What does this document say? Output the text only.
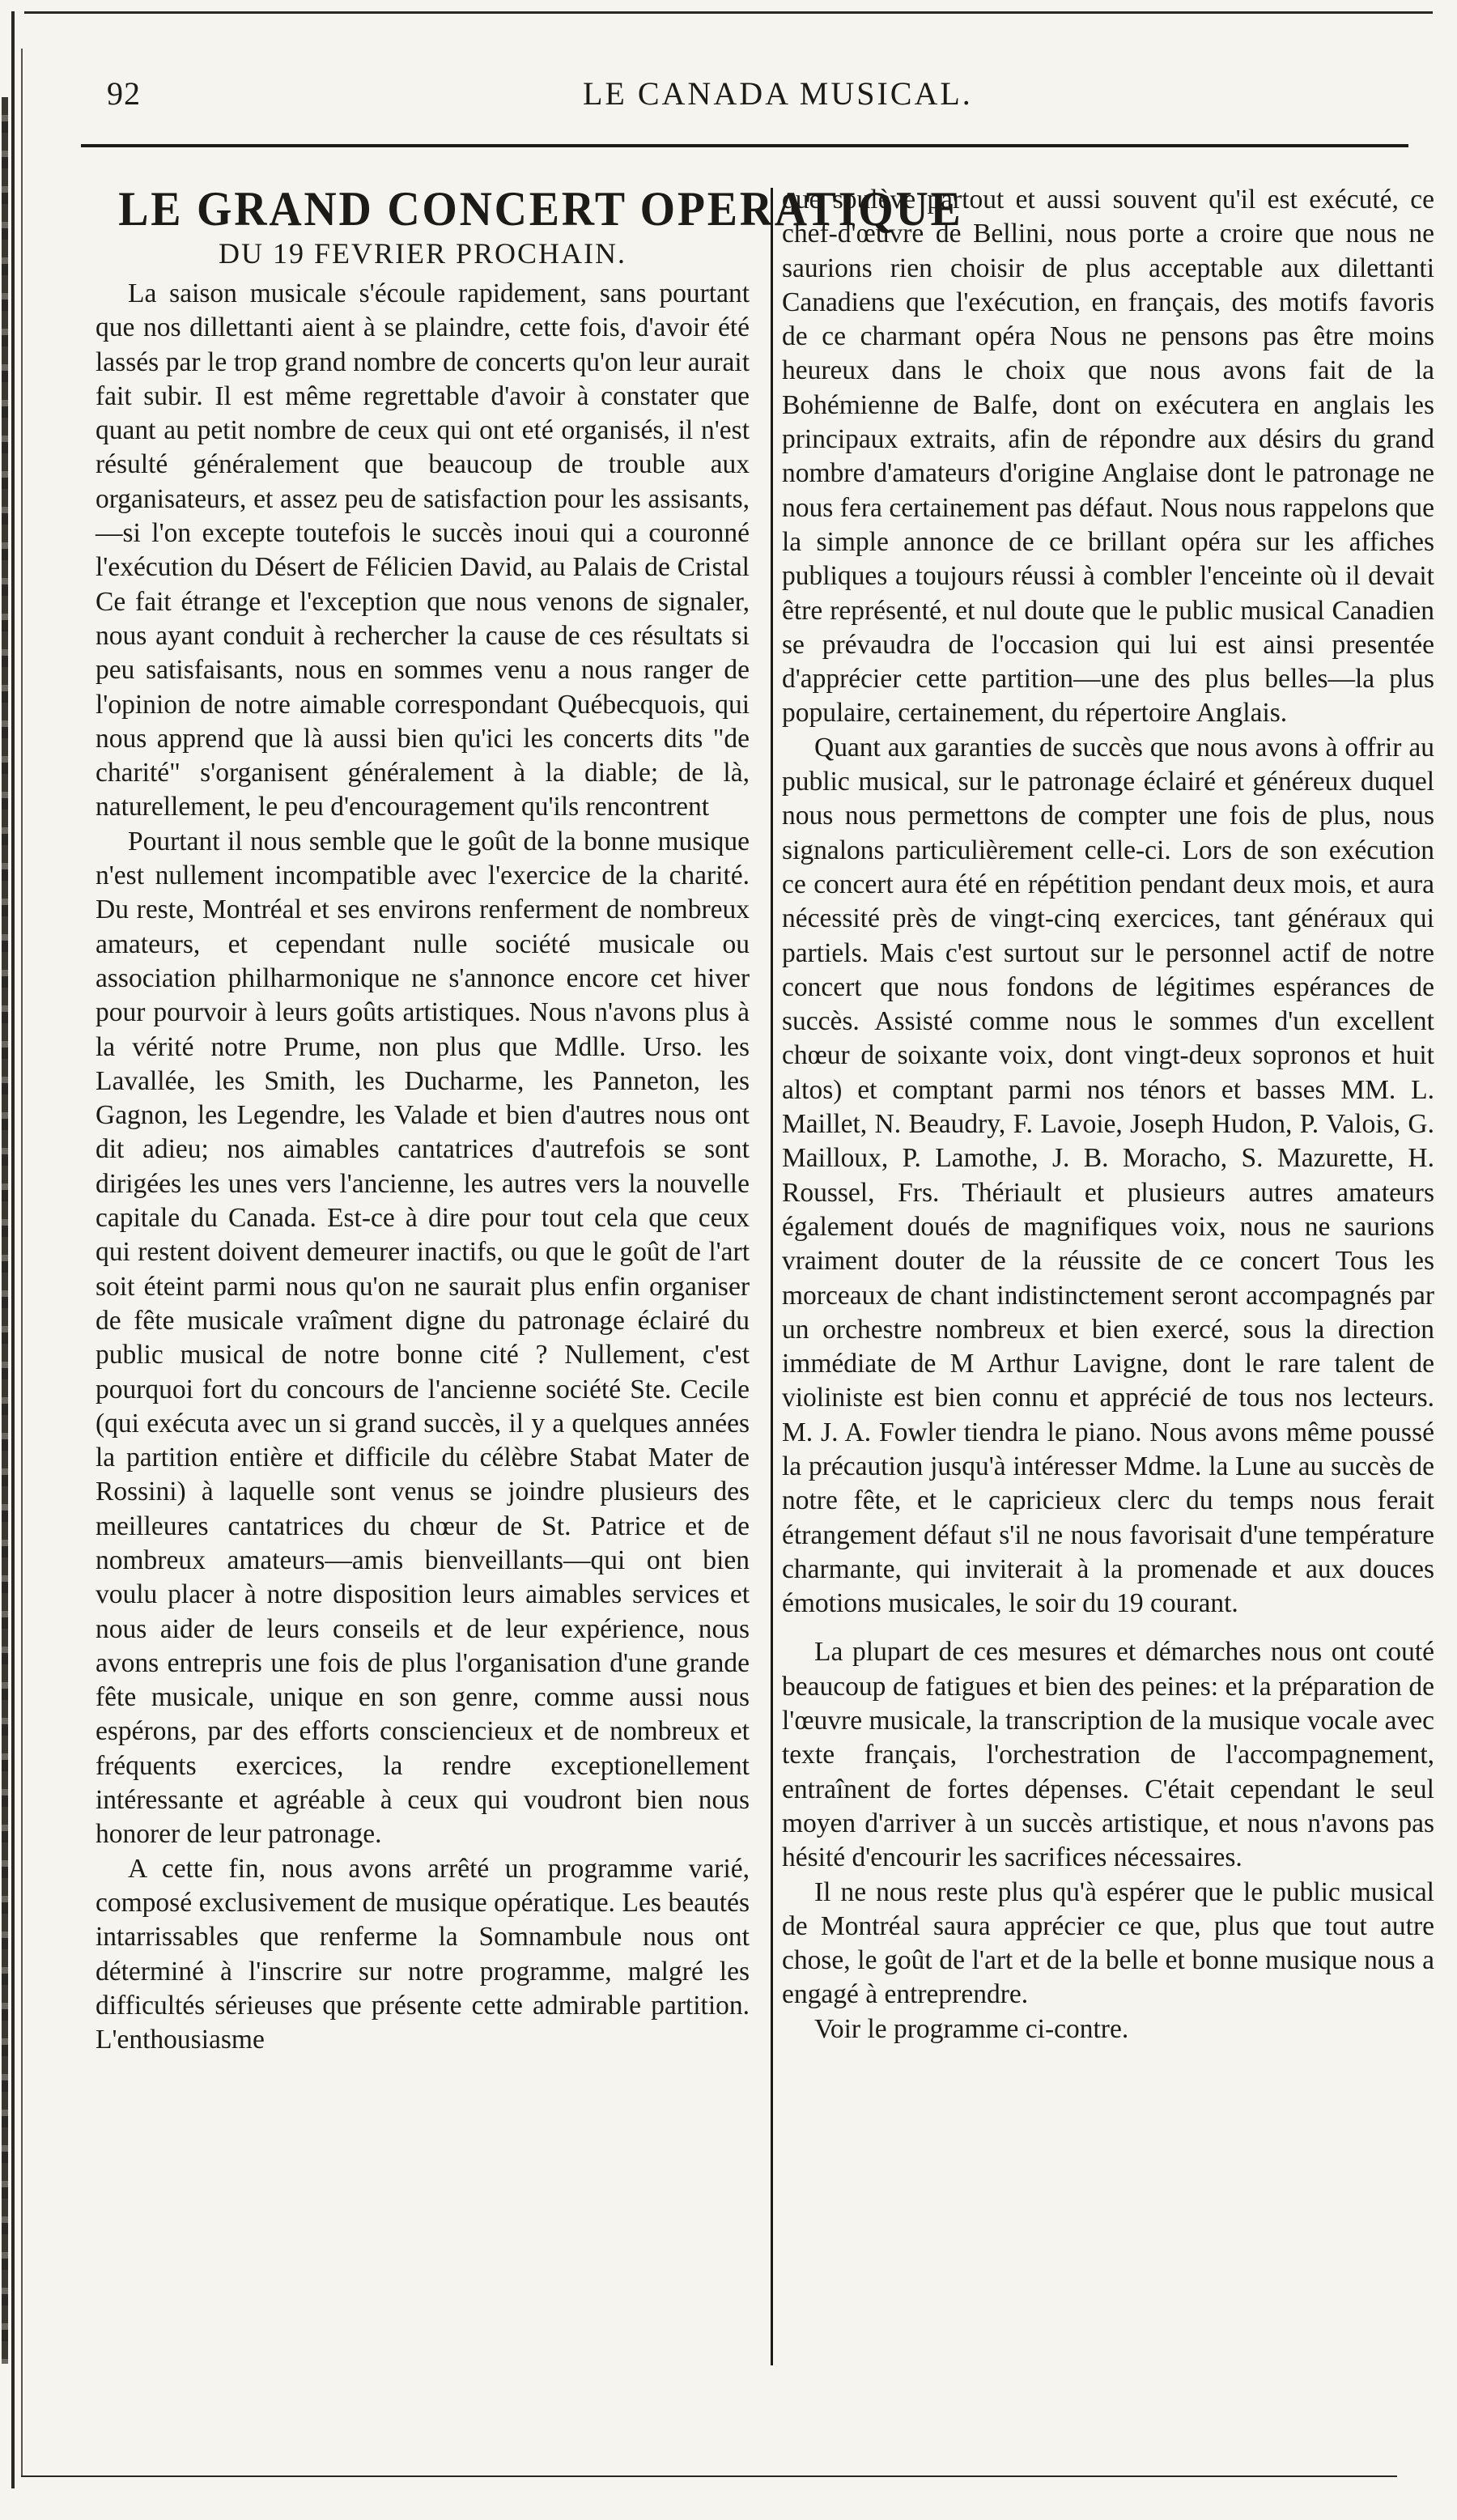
92	LE CANADA MUSICAL.
LE GRAND CONCERT OPERATIQUE
DU 19 FEVRIER PROCHAIN.

La saison musicale s'écoule rapidement, sans pourtant que nos dillettanti aient à se plaindre, cette fois, d'avoir été lassés par le trop grand nombre de concerts qu'on leur aurait fait subir. Il est même regrettable d'avoir à constater que quant au petit nombre de ceux qui ont eté organisés, il n'est résulté généralement que beaucoup de trouble aux organisateurs, et assez peu de satisfaction pour les assisants,—si l'on excepte toutefois le succès inoui qui a couronné l'exécution du Désert de Félicien David, au Palais de Cristal Ce fait étrange et l'exception que nous venons de signaler, nous ayant conduit à rechercher la cause de ces résultats si peu satisfaisants, nous en sommes venu a nous ranger de l'opinion de notre aimable correspondant Québecquois, qui nous apprend que là aussi bien qu'ici les concerts dits "de charité" s'organisent généralement à la diable; de là, naturellement, le peu d'encouragement qu'ils rencontrent

Pourtant il nous semble que le goût de la bonne musique n'est nullement incompatible avec l'exercice de la charité. Du reste, Montréal et ses environs renferment de nombreux amateurs, et cependant nulle société musicale ou association philharmonique ne s'annonce encore cet hiver pour pourvoir à leurs goûts artistiques. Nous n'avons plus à la vérité notre Prume, non plus que Mdlle. Urso. les Lavallée, les Smith, les Ducharme, les Panneton, les Gagnon, les Legendre, les Valade et bien d'autres nous ont dit adieu; nos aimables cantatrices d'autrefois se sont dirigées les unes vers l'ancienne, les autres vers la nouvelle capitale du Canada. Est-ce à dire pour tout cela que ceux qui restent doivent demeurer inactifs, ou que le goût de l'art soit éteint parmi nous qu'on ne saurait plus enfin organiser de fête musicale vraîment digne du patronage éclairé du public musical de notre bonne cité ? Nullement, c'est pourquoi fort du concours de l'ancienne société Ste. Cecile (qui exécuta avec un si grand succès, il y a quelques années la partition entière et difficile du célèbre Stabat Mater de Rossini) à laquelle sont venus se joindre plusieurs des meilleures cantatrices du chœur de St. Patrice et de nombreux amateurs—amis bienveillants—qui ont bien voulu placer à notre disposition leurs aimables services et nous aider de leurs conseils et de leur expérience, nous avons entrepris une fois de plus l'organisation d'une grande fête musicale, unique en son genre, comme aussi nous espérons, par des efforts consciencieux et de nombreux et fréquents exercices, la rendre exceptionellement intéressante et agréable à ceux qui voudront bien nous honorer de leur patronage.

A cette fin, nous avons arrêté un programme varié, composé exclusivement de musique opératique. Les beautés intarrissables que renferme la Somnambule nous ont déterminé à l'inscrire sur notre programme, malgré les difficultés sérieuses que présente cette admirable partition. L'enthousiasme

que soulève partout et aussi souvent qu'il est exécuté, ce chef-d'œuvre de Bellini, nous porte a croire que nous ne saurions rien choisir de plus acceptable aux dilettanti Canadiens que l'exécution, en français, des motifs favoris de ce charmant opéra Nous ne pensons pas être moins heureux dans le choix que nous avons fait de la Bohémienne de Balfe, dont on exécutera en anglais les principaux extraits, afin de répondre aux désirs du grand nombre d'amateurs d'origine Anglaise dont le patronage ne nous fera certainement pas défaut. Nous nous rappelons que la simple annonce de ce brillant opéra sur les affiches publiques a toujours réussi à combler l'enceinte où il devait être représenté, et nul doute que le public musical Canadien se prévaudra de l'occasion qui lui est ainsi presentée d'apprécier cette partition—une des plus belles—la plus populaire, certainement, du répertoire Anglais.

Quant aux garanties de succès que nous avons à offrir au public musical, sur le patronage éclairé et généreux duquel nous nous permettons de compter une fois de plus, nous signalons particulièrement celle-ci. Lors de son exécution ce concert aura été en répétition pendant deux mois, et aura nécessité près de vingt-cinq exercices, tant généraux qui partiels. Mais c'est surtout sur le personnel actif de notre concert que nous fondons de légitimes espérances de succès. Assisté comme nous le sommes d'un excellent chœur de soixante voix, dont vingt-deux sopronos et huit altos) et comptant parmi nos ténors et basses MM. L. Maillet, N. Beaudry, F. Lavoie, Joseph Hudon, P. Valois, G. Mailloux, P. Lamothe, J. B. Moracho, S. Mazurette, H. Roussel, Frs. Thériault et plusieurs autres amateurs également doués de magnifiques voix, nous ne saurions vraiment douter de la réussite de ce concert Tous les morceaux de chant indistinctement seront accompagnés par un orchestre nombreux et bien exercé, sous la direction immédiate de M Arthur Lavigne, dont le rare talent de violiniste est bien connu et apprécié de tous nos lecteurs. M. J. A. Fowler tiendra le piano. Nous avons même poussé la précaution jusqu'à intéresser Mdme. la Lune au succès de notre fête, et le capricieux clerc du temps nous ferait étrangement défaut s'il ne nous favorisait d'une température charmante, qui inviterait à la promenade et aux douces émotions musicales, le soir du 19 courant.

La plupart de ces mesures et démarches nous ont couté beaucoup de fatigues et bien des peines: et la préparation de l'œuvre musicale, la transcription de la musique vocale avec texte français, l'orchestration de l'accompagnement, entraînent de fortes dépenses. C'était cependant le seul moyen d'arriver à un succès artistique, et nous n'avons pas hésité d'encourir les sacrifices nécessaires.

Il ne nous reste plus qu'à espérer que le public musical de Montréal saura apprécier ce que, plus que tout autre chose, le goût de l'art et de la belle et bonne musique nous a engagé à entreprendre.

Voir le programme ci-contre.
